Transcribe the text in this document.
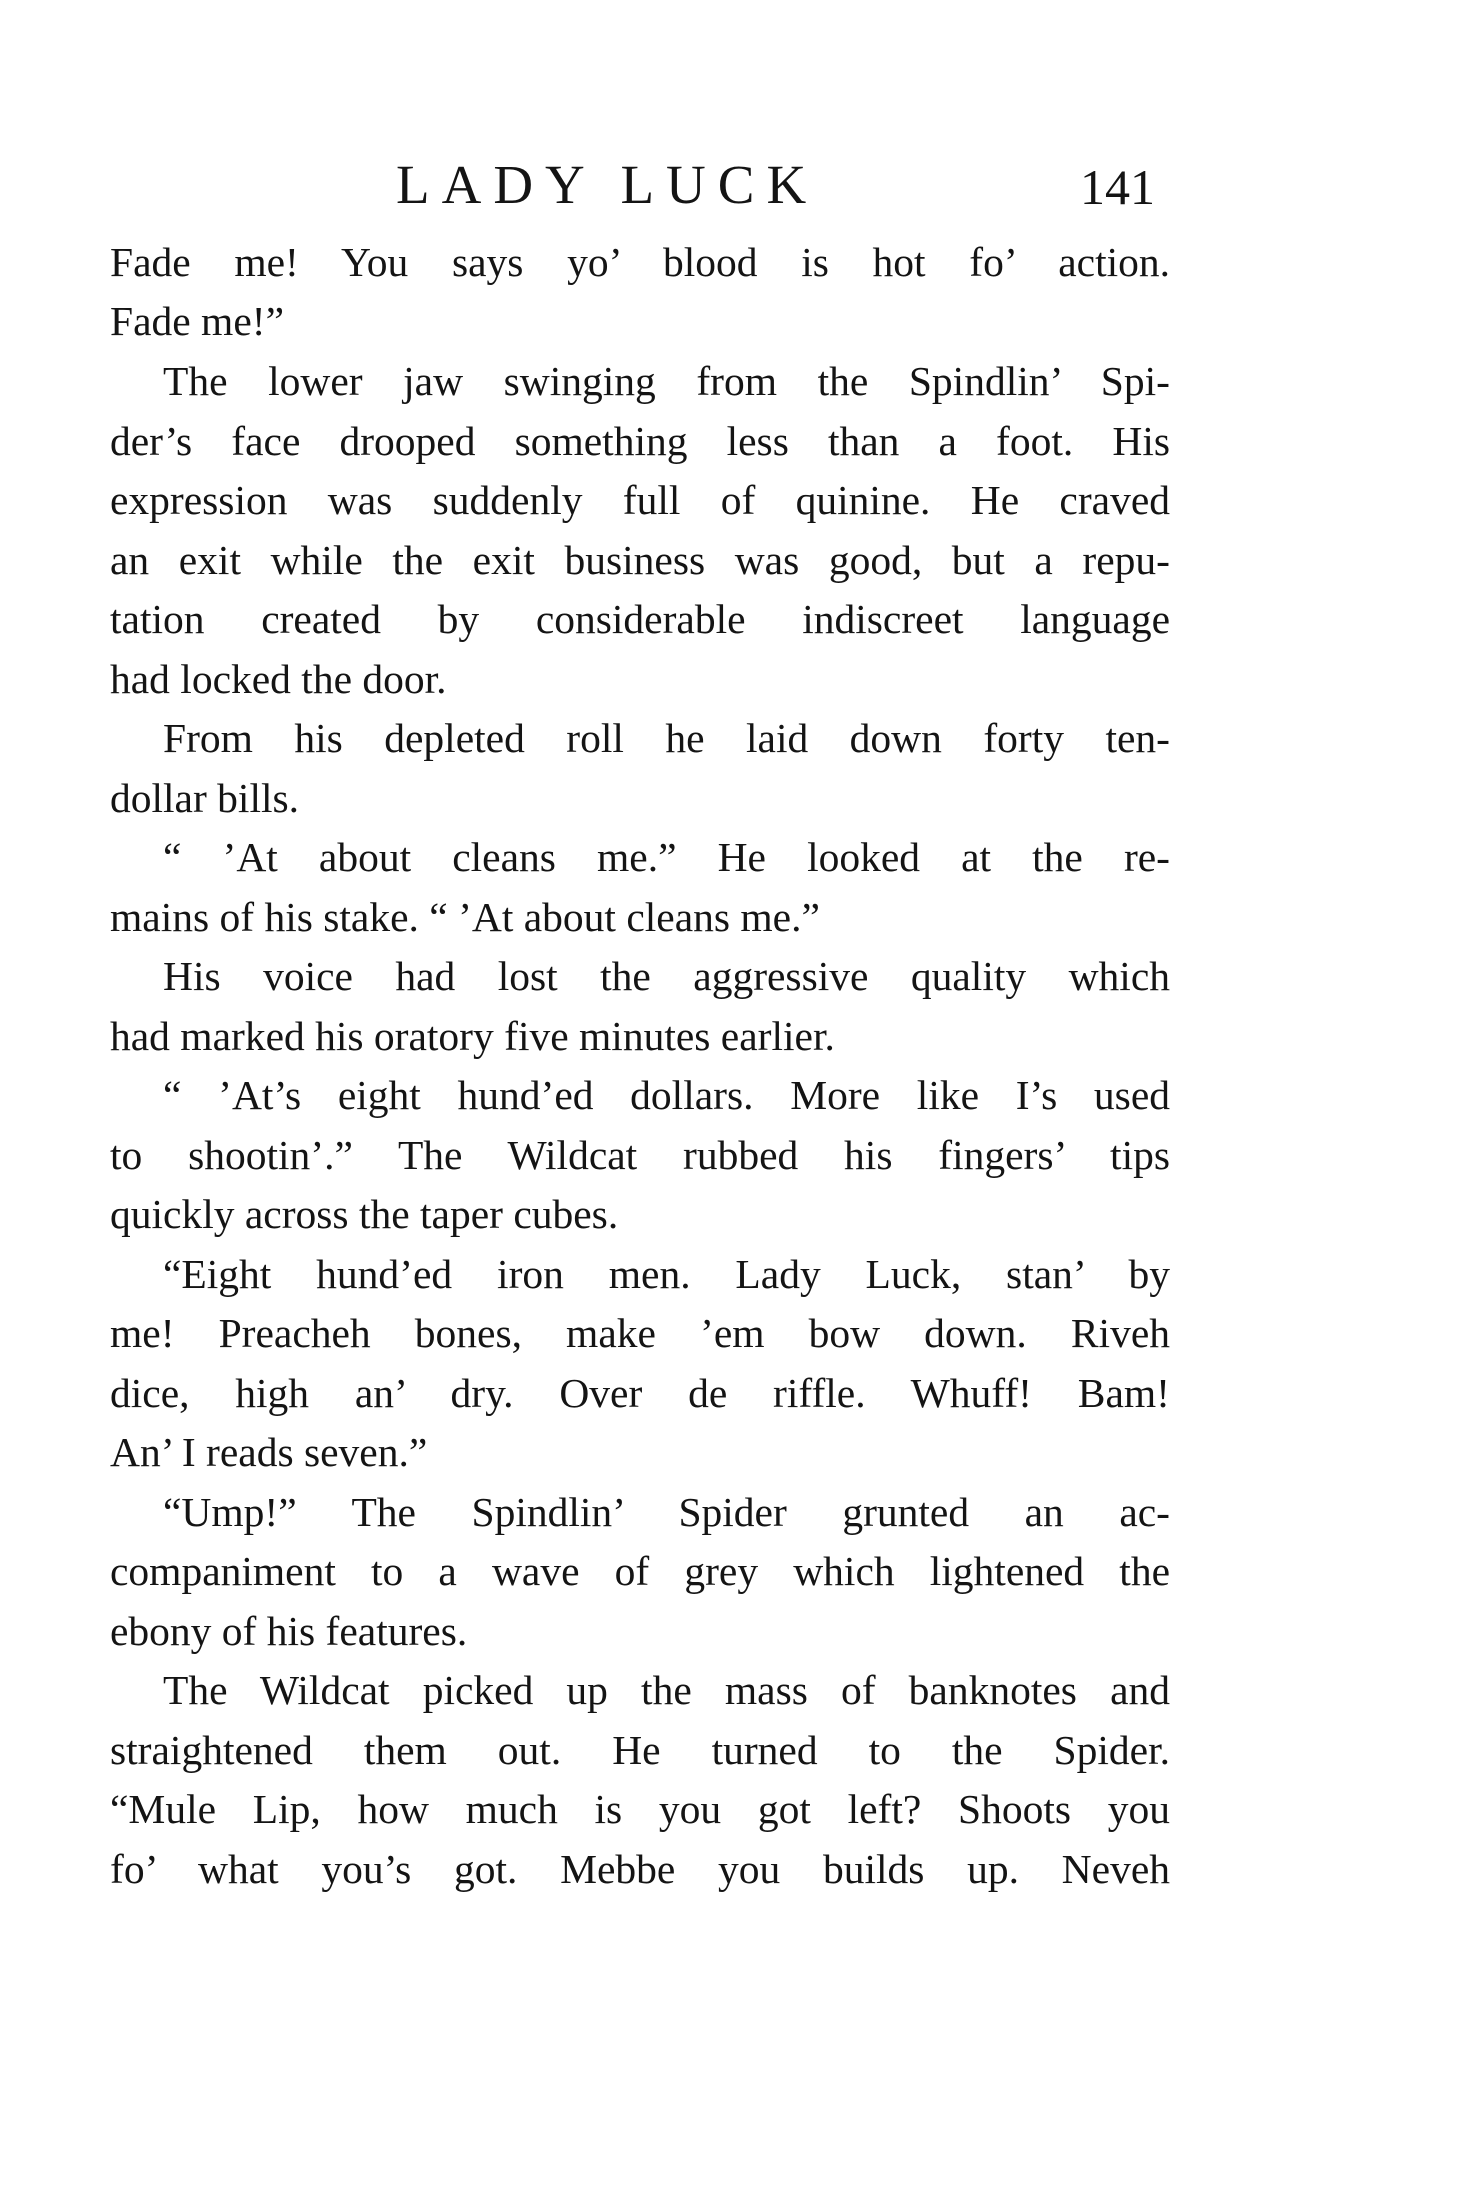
LADY LUCK	141
Fade me! You says yo’ blood is hot fo’ action.
Fade me!”
The lower jaw swinging from the Spindlin’ Spi-
der’s face drooped something less than a foot. His
expression was suddenly full of quinine. He craved
an exit while the exit business was good, but a repu-
tation created by considerable indiscreet language
had locked the door.
From his depleted roll he laid down forty ten-
dollar bills.
“ ’At about cleans me.” He looked at the re-
mains of his stake. “ ’At about cleans me.”
His voice had lost the aggressive quality which
had marked his oratory five minutes earlier.
“ ’At’s eight hund’ed dollars. More like I’s used
to shootin’.” The Wildcat rubbed his fingers’ tips
quickly across the taper cubes.
“Eight hund’ed iron men. Lady Luck, stan’ by
me! Preacheh bones, make ’em bow down. Riveh
dice, high an’ dry. Over de riffle. Whuff! Bam!
An’ I reads seven.”
“Ump!” The Spindlin’ Spider grunted an ac-
companiment to a wave of grey which lightened the
ebony of his features.
The Wildcat picked up the mass of banknotes and
straightened them out. He turned to the Spider.
“Mule Lip, how much is you got left? Shoots you
fo’ what you’s got. Mebbe you builds up. Neveh
